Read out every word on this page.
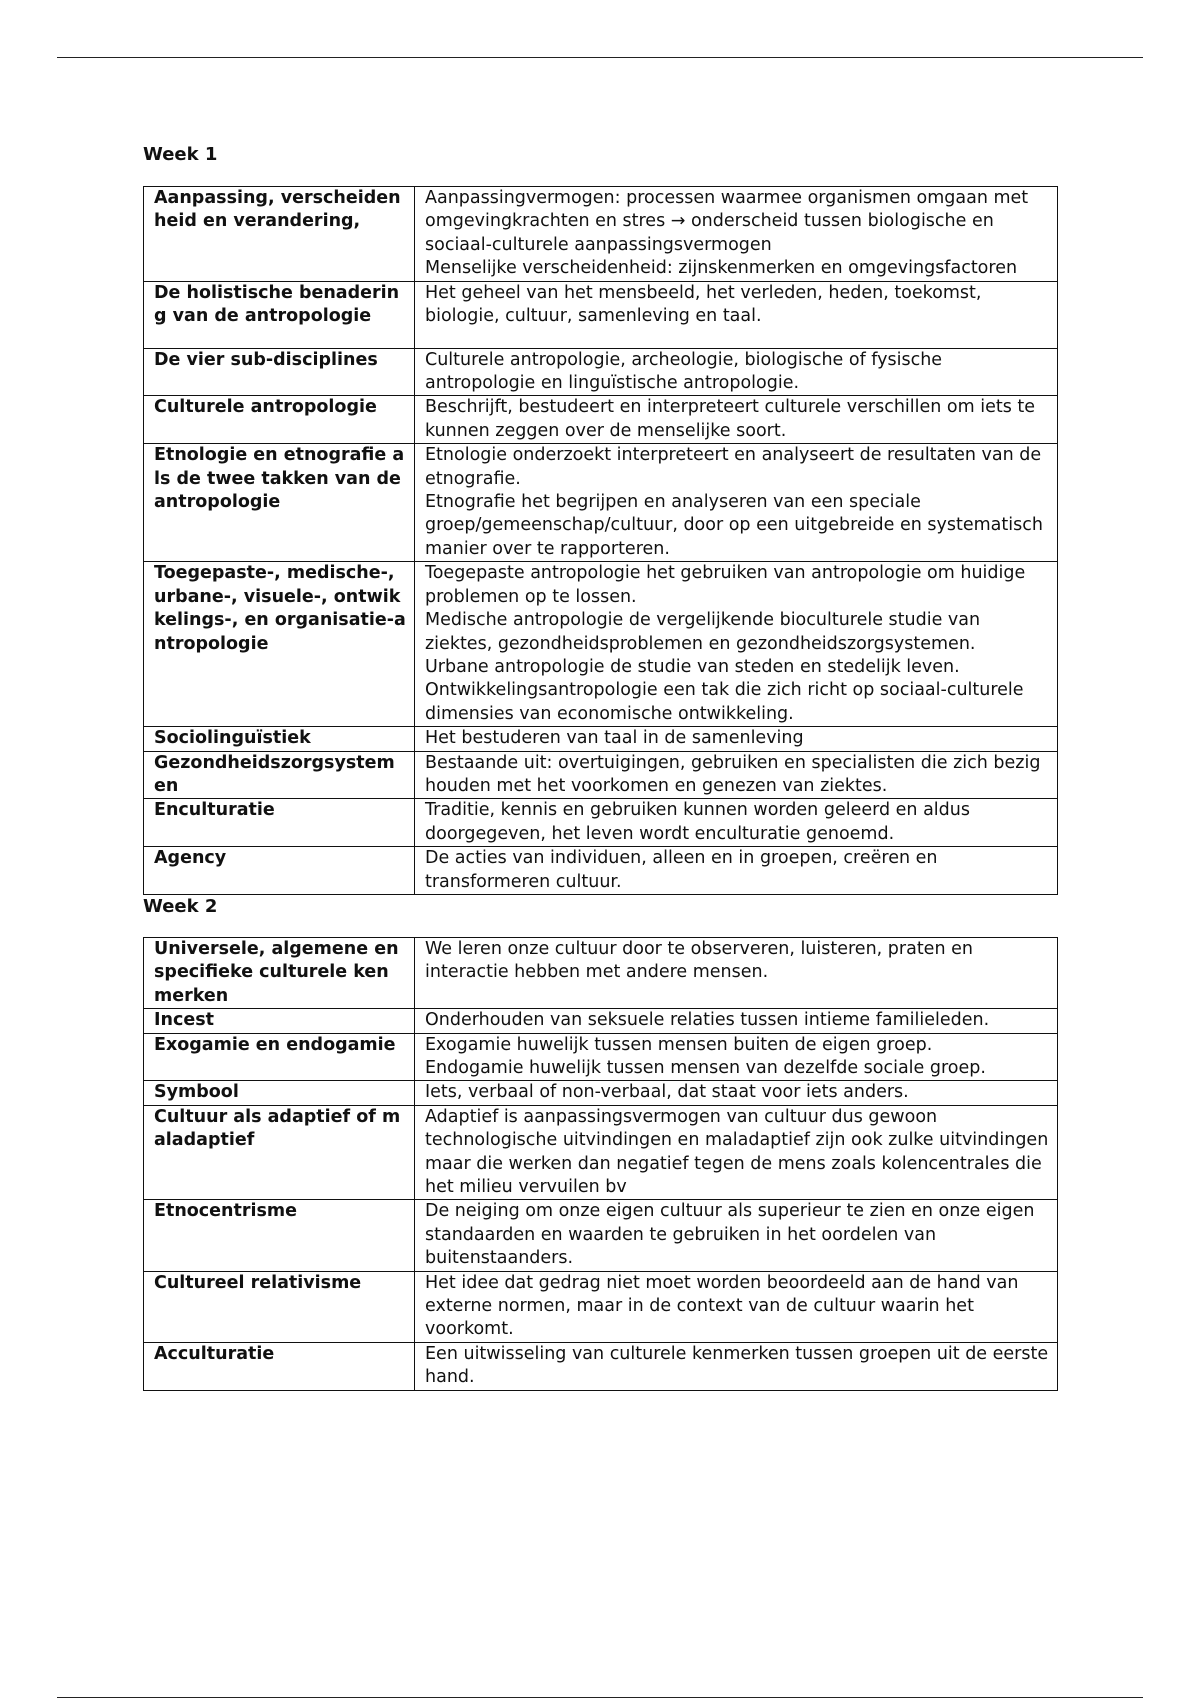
Week 1
Aanpassing, verscheidenheid en verandering,	Aanpassingvermogen: processen waarmee organismen omgaan met omgevingkrachten en stres → onderscheid tussen biologische en sociaal-culturele aanpassingsvermogen
Menselijke verscheidenheid: zijnskenmerken en omgevingsfactoren

De holistische benadering van de antropologie	Het geheel van het mensbeeld, het verleden, heden, toekomst, biologie, cultuur, samenleving en taal.

De vier sub-disciplines	Culturele antropologie, archeologie, biologische of fysische antropologie en linguïstische antropologie.

Culturele antropologie	Beschrijft, bestudeert en interpreteert culturele verschillen om iets te kunnen zeggen over de menselijke soort.

Etnologie en etnografie als de twee takken van de antropologie	Etnologie onderzoekt interpreteert en analyseert de resultaten van de etnografie.
Etnografie het begrijpen en analyseren van een speciale groep/gemeenschap/cultuur, door op een uitgebreide en systematisch manier over te rapporteren.

Toegepaste-, medische-, urbane-, visuele-, ontwikkelings-, en organisatie-antropologie	Toegepaste antropologie het gebruiken van antropologie om huidige problemen op te lossen.
Medische antropologie de vergelijkende bioculturele studie van ziektes, gezondheidsproblemen en gezondheidszorgsystemen.
Urbane antropologie de studie van steden en stedelijk leven.
Ontwikkelingsantropologie een tak die zich richt op sociaal-culturele dimensies van economische ontwikkeling.

Sociolinguïstiek	Het bestuderen van taal in de samenleving

Gezondheidszorgsystemen	Bestaande uit: overtuigingen, gebruiken en specialisten die zich bezig houden met het voorkomen en genezen van ziektes.

Enculturatie	Traditie, kennis en gebruiken kunnen worden geleerd en aldus doorgegeven, het leven wordt enculturatie genoemd.

Agency	De acties van individuen, alleen en in groepen, creëren en transformeren cultuur.
Week 2
Universele, algemene en specifieke culturele kenmerken	We leren onze cultuur door te observeren, luisteren, praten en interactie hebben met andere mensen.

Incest	Onderhouden van seksuele relaties tussen intieme familieleden.

Exogamie en endogamie	Exogamie huwelijk tussen mensen buiten de eigen groep.
Endogamie huwelijk tussen mensen van dezelfde sociale groep.

Symbool	Iets, verbaal of non-verbaal, dat staat voor iets anders.

Cultuur als adaptief of maladaptief	Adaptief is aanpassingsvermogen van cultuur dus gewoon technologische uitvindingen en maladaptief zijn ook zulke uitvindingen maar die werken dan negatief tegen de mens zoals kolencentrales die het milieu vervuilen bv

Etnocentrisme	De neiging om onze eigen cultuur als superieur te zien en onze eigen standaarden en waarden te gebruiken in het oordelen van buitenstaanders.

Cultureel relativisme	Het idee dat gedrag niet moet worden beoordeeld aan de hand van externe normen, maar in de context van de cultuur waarin het voorkomt.

Acculturatie	Een uitwisseling van culturele kenmerken tussen groepen uit de eerste hand.
